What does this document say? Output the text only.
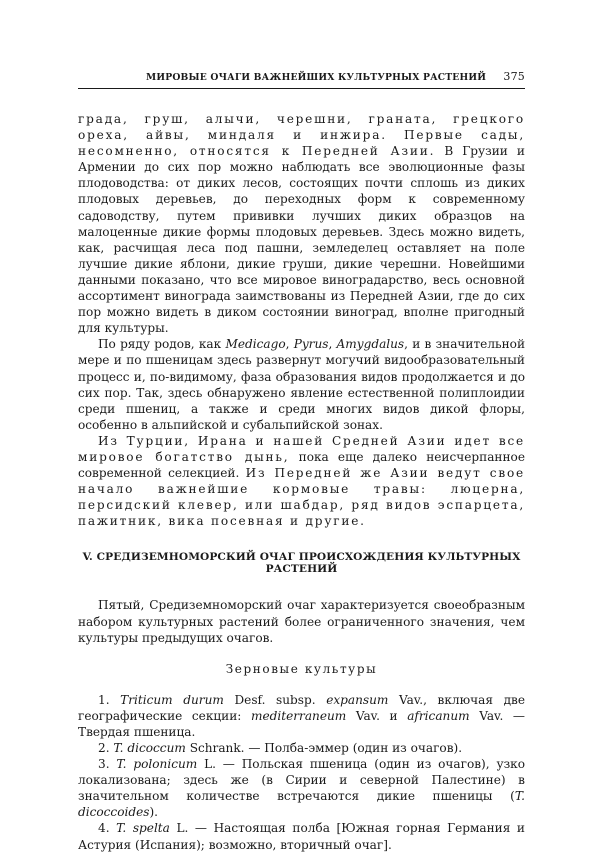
МИРОВЫЕ ОЧАГИ ВАЖНЕЙШИХ КУЛЬТУРНЫХ РАСТЕНИЙ 375

града, груш, алычи, черешни, граната, грецкого ореха, айвы, миндаля и инжира. Первые сады, несомненно, относятся к Передней Азии. В Грузии и Армении до сих пор можно наблюдать все эволюционные фазы плодоводства: от диких лесов, состоящих почти сплошь из диких плодовых деревьев, до переходных форм к современному садоводству, путем прививки лучших диких образцов на малоценные дикие формы плодовых деревьев. Здесь можно видеть, как, расчищая леса под пашни, земледелец оставляет на поле лучшие дикие яблони, дикие груши, дикие черешни. Новейшими данными показано, что все мировое виноградарство, весь основной ассортимент винограда заимствованы из Передней Азии, где до сих пор можно видеть в диком состоянии виноград, вполне пригодный для культуры.

По ряду родов, как Medicago, Pyrus, Amygdalus, и в значительной мере и по пшеницам здесь развернут могучий видообразовательный процесс и, по-видимому, фаза образования видов продолжается и до сих пор. Так, здесь обнаружено явление естественной полиплоидии среди пшениц, а также и среди многих видов дикой флоры, особенно в альпийской и субальпийской зонах.

Из Турции, Ирана и нашей Средней Азии идет все мировое богатство дынь, пока еще далеко неисчерпанное современной селекцией. Из Передней же Азии ведут свое начало важнейшие кормовые травы: люцерна, персидский клевер, или шабдар, ряд видов эспарцета, пажитник, вика посевная и другие.

V. СРЕДИЗЕМНОМОРСКИЙ ОЧАГ ПРОИСХОЖДЕНИЯ КУЛЬТУРНЫХ РАСТЕНИЙ

Пятый, Средиземноморский очаг характеризуется своеобразным набором культурных растений более ограниченного значения, чем культуры предыдущих очагов.

Зерновые культуры

1. Triticum durum Desf. subsp. expansum Vav., включая две географические секции: mediterraneum Vav. и africanum Vav. — Твердая пшеница.

2. T. dicoccum Schrank. — Полба-эммер (один из очагов).

3. T. polonicum L. — Польская пшеница (один из очагов), узко локализована; здесь же (в Сирии и северной Палестине) в значительном количестве встречаются дикие пшеницы (T. dicoccoides).

4. T. spelta L. — Настоящая полба [Южная горная Германия и Астурия (Испания); возможно, вторичный очаг].
